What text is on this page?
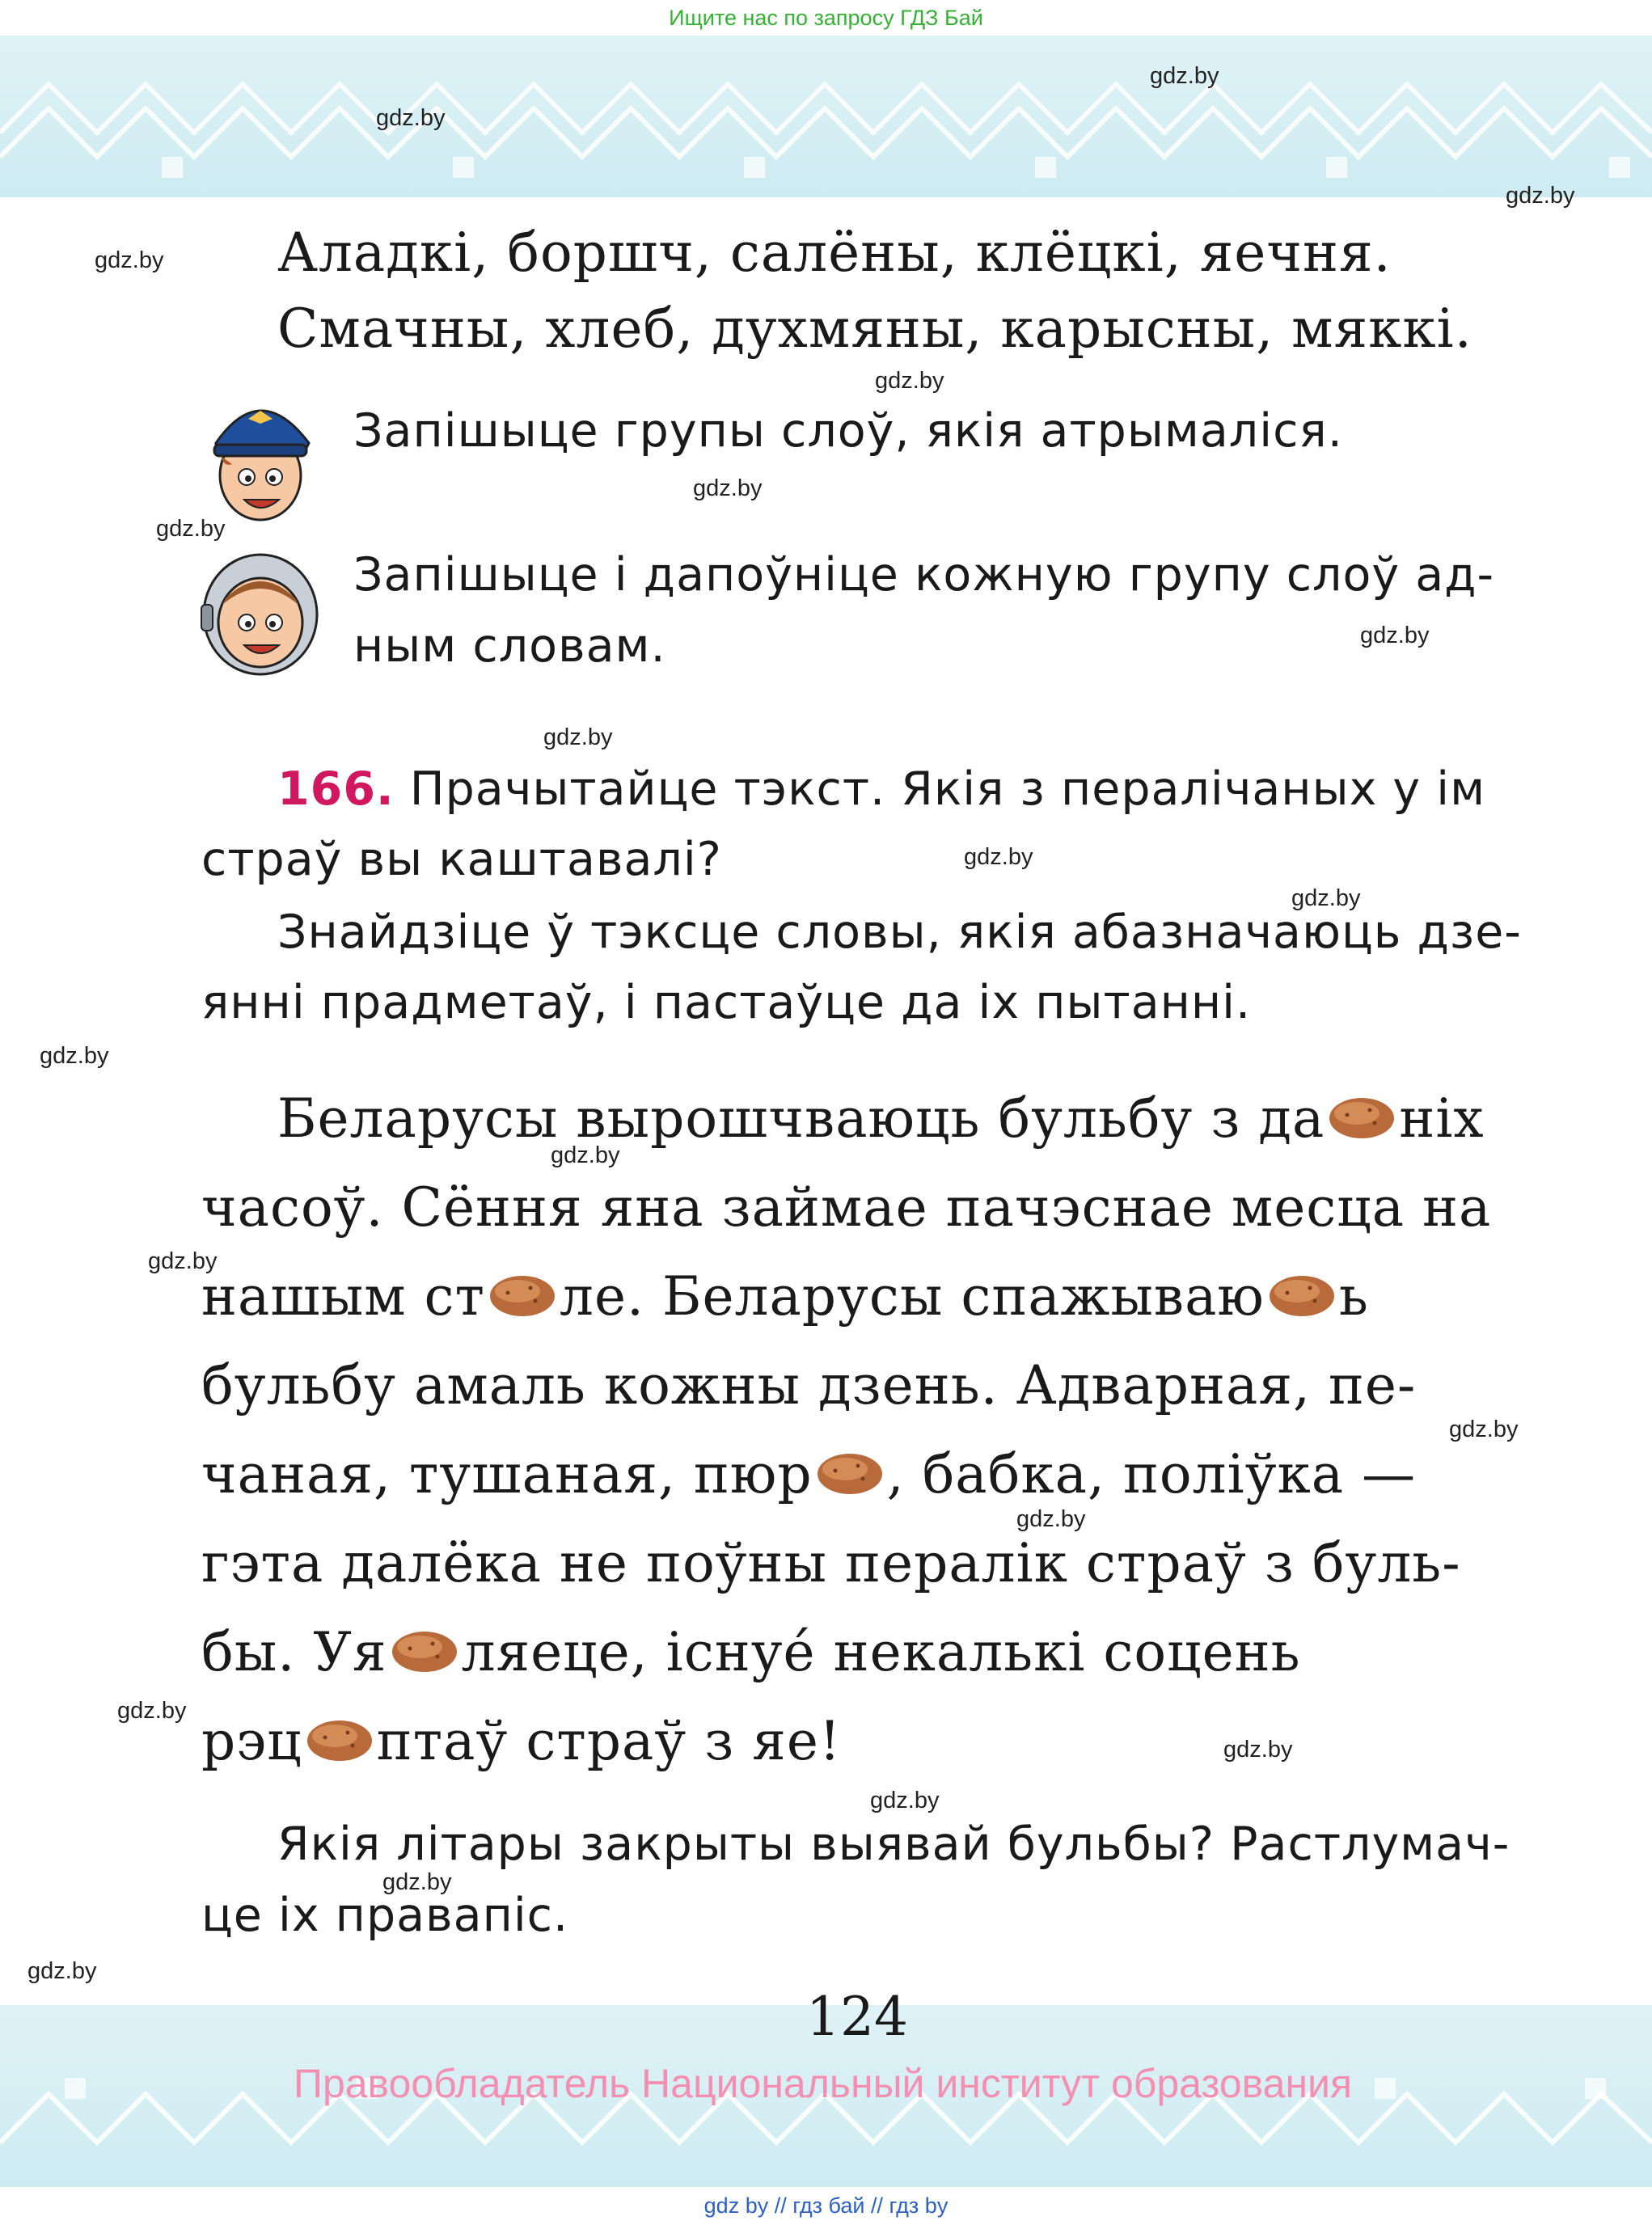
Ищите нас по запросу ГДЗ Бай
gdz.by
gdz.by
gdz.by
gdz.by
gdz.by
gdz.by
gdz.by
gdz.by
gdz.by
gdz.by
gdz.by
gdz.by
gdz.by
gdz.by
gdz.by
gdz.by
gdz.by
gdz.by
gdz.by
gdz.by
gdz.by
Аладкі, боршч, салёны, клёцкі, яечня.
Смачны, хлеб, духмяны, карысны, мяккі.
Запішыце групы слоў, якія атрымаліся.
Запішыце і дапоўніце кожную групу слоў ад-
ным словам.
166. Прачытайце тэкст. Якія з пералічаных у ім
страў вы каштавалі?
Знайдзіце ў тэксце словы, якія абазначаюць дзе-
янні прадметаў, і пастаўце да іх пытанні.
Беларусы вырошчваюць бульбу з да ніх
часоў. Сёння яна займае пачэснае месца на
нашым ст ле. Беларусы спажываю ь
бульбу амаль кожны дзень. Адварная, пе-
чаная, тушаная, пюр , бабка, поліўка —
гэта далёка не поўны пералік страў з буль-
бы. Уя ляеце, існуе́ некалькі соцень
рэц птаў страў з яе!
Якія літары закрыты выявай бульбы? Растлумач-
це іх правапіс.
124
Правообладатель Национальный институт образования
gdz by // гдз бай // гдз by
